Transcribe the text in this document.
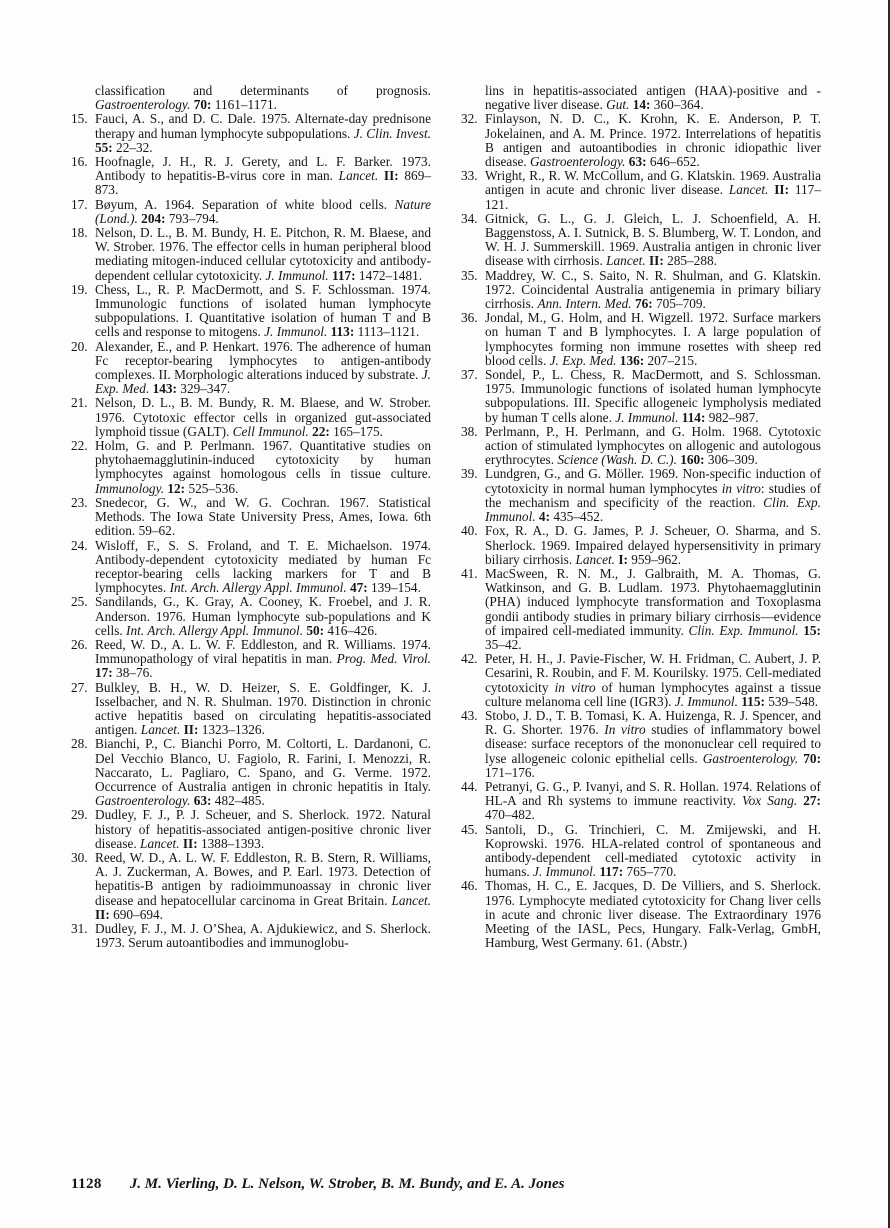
classification and determinants of prognosis. Gastroenterology. 70: 1161–1171.

15. Fauci, A. S., and D. C. Dale. 1975. Alternate-day prednisone therapy and human lymphocyte subpopulations. J. Clin. Invest. 55: 22–32.

16. Hoofnagle, J. H., R. J. Gerety, and L. F. Barker. 1973. Antibody to hepatitis-B-virus core in man. Lancet. II: 869–873.

17. Bøyum, A. 1964. Separation of white blood cells. Nature (Lond.). 204: 793–794.

18. Nelson, D. L., B. M. Bundy, H. E. Pitchon, R. M. Blaese, and W. Strober. 1976. The effector cells in human peripheral blood mediating mitogen-induced cellular cytotoxicity and antibody-dependent cellular cytotoxicity. J. Immunol. 117: 1472–1481.

19. Chess, L., R. P. MacDermott, and S. F. Schlossman. 1974. Immunologic functions of isolated human lymphocyte subpopulations. I. Quantitative isolation of human T and B cells and response to mitogens. J. Immunol. 113: 1113–1121.

20. Alexander, E., and P. Henkart. 1976. The adherence of human Fc receptor-bearing lymphocytes to antigen-antibody complexes. II. Morphologic alterations induced by substrate. J. Exp. Med. 143: 329–347.

21. Nelson, D. L., B. M. Bundy, R. M. Blaese, and W. Strober. 1976. Cytotoxic effector cells in organized gut-associated lymphoid tissue (GALT). Cell Immunol. 22: 165–175.

22. Holm, G. and P. Perlmann. 1967. Quantitative studies on phytohaemagglutinin-induced cytotoxicity by human lymphocytes against homologous cells in tissue culture. Immunology. 12: 525–536.

23. Snedecor, G. W., and W. G. Cochran. 1967. Statistical Methods. The Iowa State University Press, Ames, Iowa. 6th edition. 59–62.

24. Wisloff, F., S. S. Froland, and T. E. Michaelson. 1974. Antibody-dependent cytotoxicity mediated by human Fc receptor-bearing cells lacking markers for T and B lymphocytes. Int. Arch. Allergy Appl. Immunol. 47: 139–154.

25. Sandilands, G., K. Gray, A. Cooney, K. Froebel, and J. R. Anderson. 1976. Human lymphocyte sub-populations and K cells. Int. Arch. Allergy Appl. Immunol. 50: 416–426.

26. Reed, W. D., A. L. W. F. Eddleston, and R. Williams. 1974. Immunopathology of viral hepatitis in man. Prog. Med. Virol. 17: 38–76.

27. Bulkley, B. H., W. D. Heizer, S. E. Goldfinger, K. J. Isselbacher, and N. R. Shulman. 1970. Distinction in chronic active hepatitis based on circulating hepatitis-associated antigen. Lancet. II: 1323–1326.

28. Bianchi, P., C. Bianchi Porro, M. Coltorti, L. Dardanoni, C. Del Vecchio Blanco, U. Fagiolo, R. Farini, I. Menozzi, R. Naccarato, L. Pagliaro, C. Spano, and G. Verme. 1972. Occurrence of Australia antigen in chronic hepatitis in Italy. Gastroenterology. 63: 482–485.

29. Dudley, F. J., P. J. Scheuer, and S. Sherlock. 1972. Natural history of hepatitis-associated antigen-positive chronic liver disease. Lancet. II: 1388–1393.

30. Reed, W. D., A. L. W. F. Eddleston, R. B. Stern, R. Williams, A. J. Zuckerman, A. Bowes, and P. Earl. 1973. Detection of hepatitis-B antigen by radioimmunoassay in chronic liver disease and hepatocellular carcinoma in Great Britain. Lancet. II: 690–694.

31. Dudley, F. J., M. J. O’Shea, A. Ajdukiewicz, and S. Sherlock. 1973. Serum autoantibodies and immunoglobu-

lins in hepatitis-associated antigen (HAA)-positive and -negative liver disease. Gut. 14: 360–364.

32. Finlayson, N. D. C., K. Krohn, K. E. Anderson, P. T. Jokelainen, and A. M. Prince. 1972. Interrelations of hepatitis B antigen and autoantibodies in chronic idiopathic liver disease. Gastroenterology. 63: 646–652.

33. Wright, R., R. W. McCollum, and G. Klatskin. 1969. Australia antigen in acute and chronic liver disease. Lancet. II: 117–121.

34. Gitnick, G. L., G. J. Gleich, L. J. Schoenfield, A. H. Baggenstoss, A. I. Sutnick, B. S. Blumberg, W. T. London, and W. H. J. Summerskill. 1969. Australia antigen in chronic liver disease with cirrhosis. Lancet. II: 285–288.

35. Maddrey, W. C., S. Saito, N. R. Shulman, and G. Klatskin. 1972. Coincidental Australia antigenemia in primary biliary cirrhosis. Ann. Intern. Med. 76: 705–709.

36. Jondal, M., G. Holm, and H. Wigzell. 1972. Surface markers on human T and B lymphocytes. I. A large population of lymphocytes forming non immune rosettes with sheep red blood cells. J. Exp. Med. 136: 207–215.

37. Sondel, P., L. Chess, R. MacDermott, and S. Schlossman. 1975. Immunologic functions of isolated human lymphocyte subpopulations. III. Specific allogeneic lympholysis mediated by human T cells alone. J. Immunol. 114: 982–987.

38. Perlmann, P., H. Perlmann, and G. Holm. 1968. Cytotoxic action of stimulated lymphocytes on allogenic and autologous erythrocytes. Science (Wash. D. C.). 160: 306–309.

39. Lundgren, G., and G. Möller. 1969. Non-specific induction of cytotoxicity in normal human lymphocytes in vitro: studies of the mechanism and specificity of the reaction. Clin. Exp. Immunol. 4: 435–452.

40. Fox, R. A., D. G. James, P. J. Scheuer, O. Sharma, and S. Sherlock. 1969. Impaired delayed hypersensitivity in primary biliary cirrhosis. Lancet. I: 959–962.

41. MacSween, R. N. M., J. Galbraith, M. A. Thomas, G. Watkinson, and G. B. Ludlam. 1973. Phytohaemagglutinin (PHA) induced lymphocyte transformation and Toxoplasma gondii antibody studies in primary biliary cirrhosis—evidence of impaired cell-mediated immunity. Clin. Exp. Immunol. 15: 35–42.

42. Peter, H. H., J. Pavie-Fischer, W. H. Fridman, C. Aubert, J. P. Cesarini, R. Roubin, and F. M. Kourilsky. 1975. Cell-mediated cytotoxicity in vitro of human lymphocytes against a tissue culture melanoma cell line (IGR3). J. Immunol. 115: 539–548.

43. Stobo, J. D., T. B. Tomasi, K. A. Huizenga, R. J. Spencer, and R. G. Shorter. 1976. In vitro studies of inflammatory bowel disease: surface receptors of the mononuclear cell required to lyse allogeneic colonic epithelial cells. Gastroenterology. 70: 171–176.

44. Petranyi, G. G., P. Ivanyi, and S. R. Hollan. 1974. Relations of HL-A and Rh systems to immune reactivity. Vox Sang. 27: 470–482.

45. Santoli, D., G. Trinchieri, C. M. Zmijewski, and H. Koprowski. 1976. HLA-related control of spontaneous and antibody-dependent cell-mediated cytotoxic activity in humans. J. Immunol. 117: 765–770.

46. Thomas, H. C., E. Jacques, D. De Villiers, and S. Sherlock. 1976. Lymphocyte mediated cytotoxicity for Chang liver cells in acute and chronic liver disease. The Extraordinary 1976 Meeting of the IASL, Pecs, Hungary. Falk-Verlag, GmbH, Hamburg, West Germany. 61. (Abstr.)

1128 J. M. Vierling, D. L. Nelson, W. Strober, B. M. Bundy, and E. A. Jones
